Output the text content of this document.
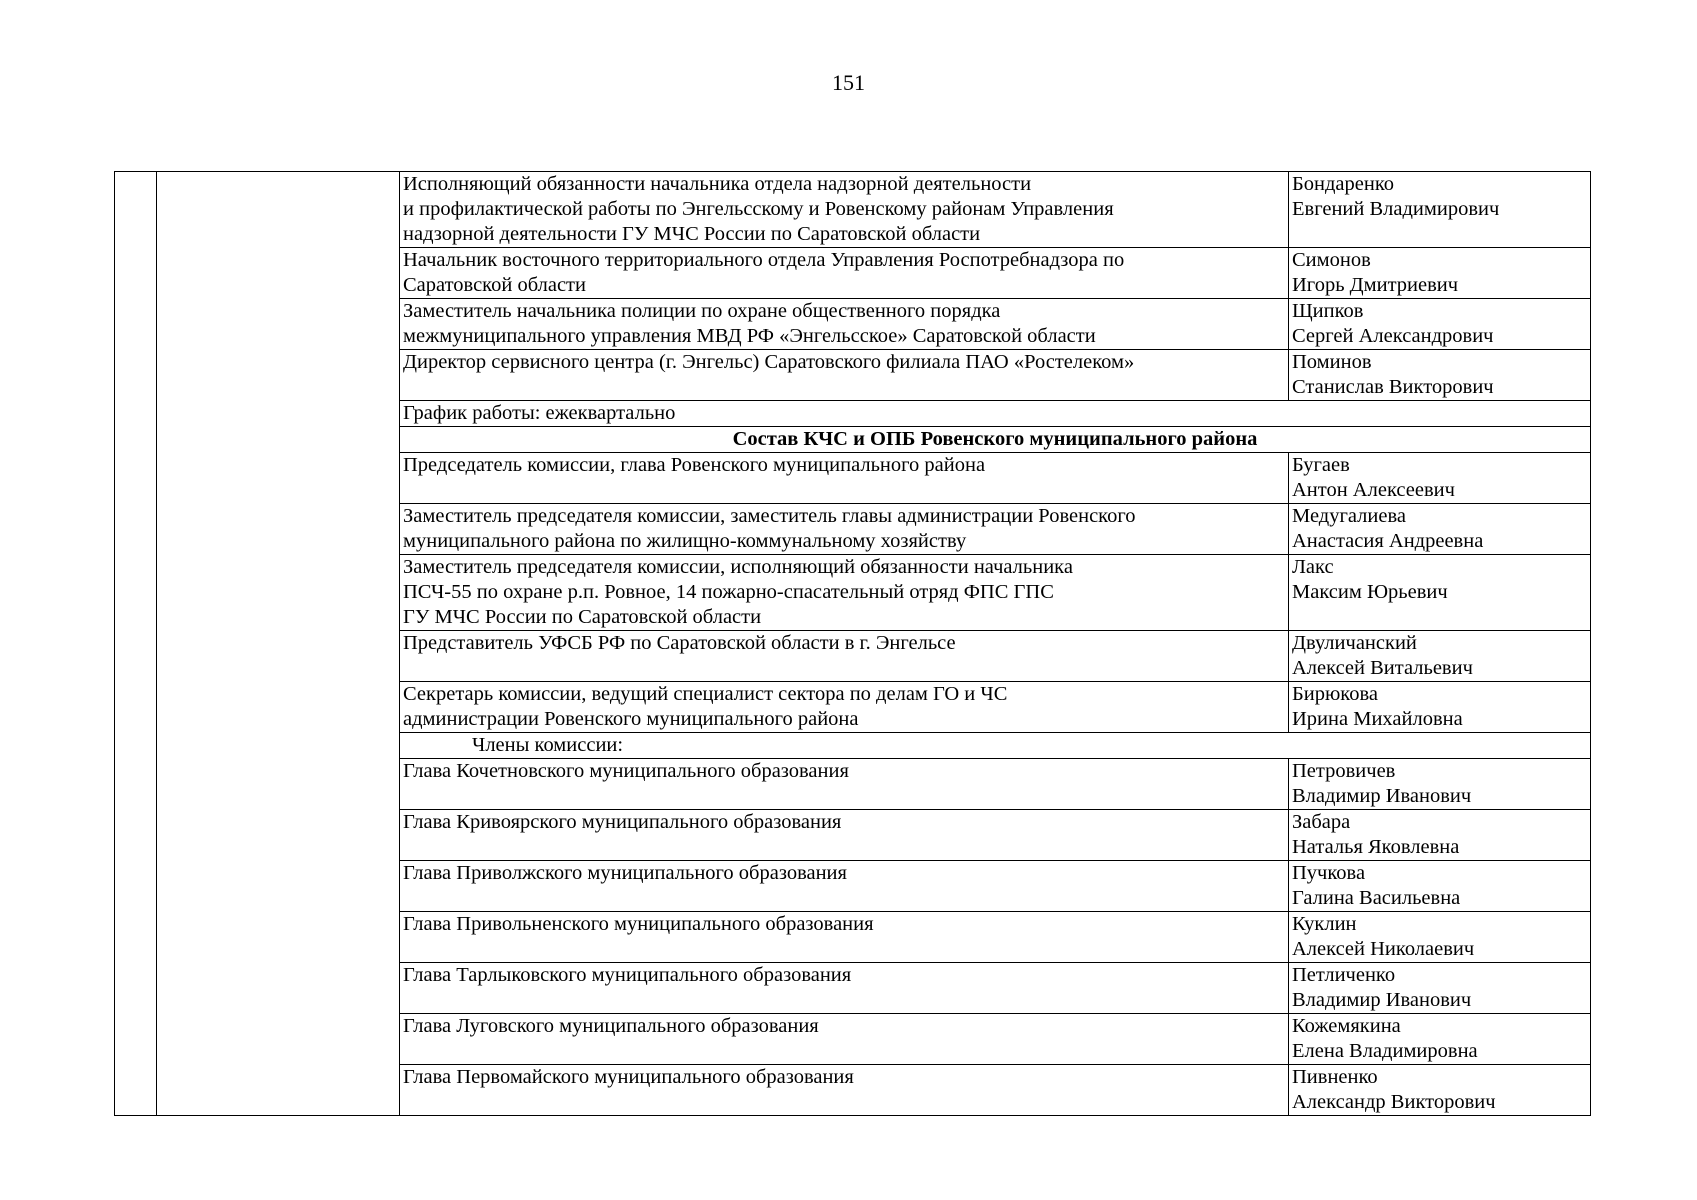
151

		Исполняющий обязанности начальника отдела надзорной деятельности
и профилактической работы по Энгельсскому и Ровенскому районам Управления
надзорной деятельности ГУ МЧС России по Саратовской области	Бондаренко
Евгений Владимирович

		Начальник восточного территориального отдела Управления Роспотребнадзора по
Саратовской области	Симонов
Игорь Дмитриевич

		Заместитель начальника полиции по охране общественного порядка
межмуниципального управления МВД РФ «Энгельсское» Саратовской области	Щипков
Сергей Александрович

		Директор сервисного центра (г. Энгельс) Саратовского филиала ПАО «Ростелеком»	Поминов
Станислав Викторович

		График работы: ежеквартально	
		Состав КЧС и ОПБ Ровенского муниципального района	

		Председатель комиссии, глава Ровенского муниципального района	Бугаев
Антон Алексеевич

		Заместитель председателя комиссии, заместитель главы администрации Ровенского
муниципального района по жилищно-коммунальному хозяйству	Медугалиева
Анастасия Андреевна

		Заместитель председателя комиссии, исполняющий обязанности начальника
ПСЧ-55 по охране р.п. Ровное, 14 пожарно-спасательный отряд ФПС ГПС
ГУ МЧС России по Саратовской области	Лакс
Максим Юрьевич

		Представитель УФСБ РФ по Саратовской области в г. Энгельсе	Двуличанский
Алексей Витальевич

		Секретарь комиссии, ведущий специалист сектора по делам ГО и ЧС
администрации Ровенского муниципального района	Бирюкова
Ирина Михайловна

		Члены комиссии:	

		Глава Кочетновского муниципального образования	Петровичев
Владимир Иванович

		Глава Кривоярского муниципального образования	Забара
Наталья Яковлевна

		Глава Приволжского муниципального образования	Пучкова
Галина Васильевна

		Глава Привольненского муниципального образования	Куклин
Алексей Николаевич

		Глава Тарлыковского муниципального образования	Петличенко
Владимир Иванович

		Глава Луговского муниципального образования	Кожемякина
Елена Владимировна

		Глава Первомайского муниципального образования	Пивненко
Александр Викторович
